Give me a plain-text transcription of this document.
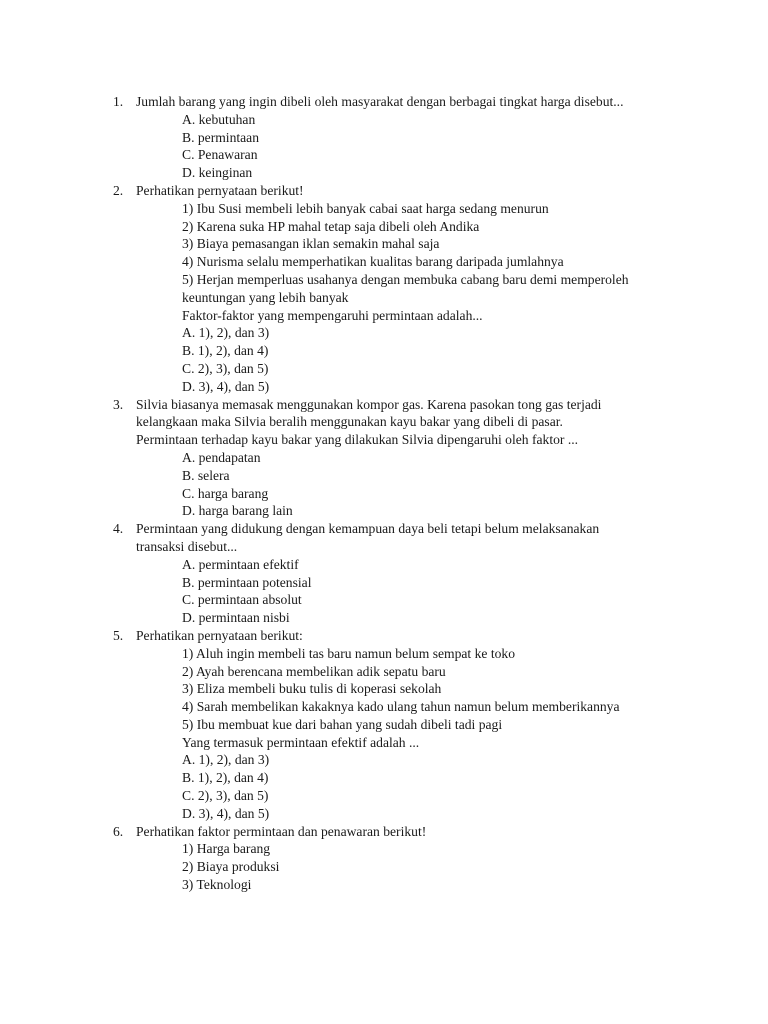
1. Jumlah barang yang ingin dibeli oleh masyarakat dengan berbagai tingkat harga disebut...
A. kebutuhan
B. permintaan
C. Penawaran
D. keinginan
2. Perhatikan pernyataan berikut!
1) Ibu Susi membeli lebih banyak cabai saat harga sedang menurun
2) Karena suka HP mahal tetap saja dibeli oleh Andika
3) Biaya pemasangan iklan semakin mahal saja
4) Nurisma selalu memperhatikan kualitas barang daripada jumlahnya
5) Herjan memperluas usahanya dengan membuka cabang baru demi memperoleh
keuntungan yang lebih banyak
Faktor-faktor yang mempengaruhi permintaan adalah...
A. 1), 2), dan 3)
B. 1), 2), dan 4)
C. 2), 3), dan 5)
D. 3), 4), dan 5)
3. Silvia biasanya memasak menggunakan kompor gas. Karena pasokan tong gas terjadi
kelangkaan maka Silvia beralih menggunakan kayu bakar yang dibeli di pasar.
Permintaan terhadap kayu bakar yang dilakukan Silvia dipengaruhi oleh faktor ...
A. pendapatan
B. selera
C. harga barang
D. harga barang lain
4. Permintaan yang didukung dengan kemampuan daya beli tetapi belum melaksanakan
transaksi disebut...
A. permintaan efektif
B. permintaan potensial
C. permintaan absolut
D. permintaan nisbi
5. Perhatikan pernyataan berikut:
1) Aluh ingin membeli tas baru namun belum sempat ke toko
2) Ayah berencana membelikan adik sepatu baru
3) Eliza membeli buku tulis di koperasi sekolah
4) Sarah membelikan kakaknya kado ulang tahun namun belum memberikannya
5) Ibu membuat kue dari bahan yang sudah dibeli tadi pagi
Yang termasuk permintaan efektif adalah ...
A. 1), 2), dan 3)
B. 1), 2), dan 4)
C. 2), 3), dan 5)
D. 3), 4), dan 5)
6. Perhatikan faktor permintaan dan penawaran berikut!
1) Harga barang
2) Biaya produksi
3) Teknologi
